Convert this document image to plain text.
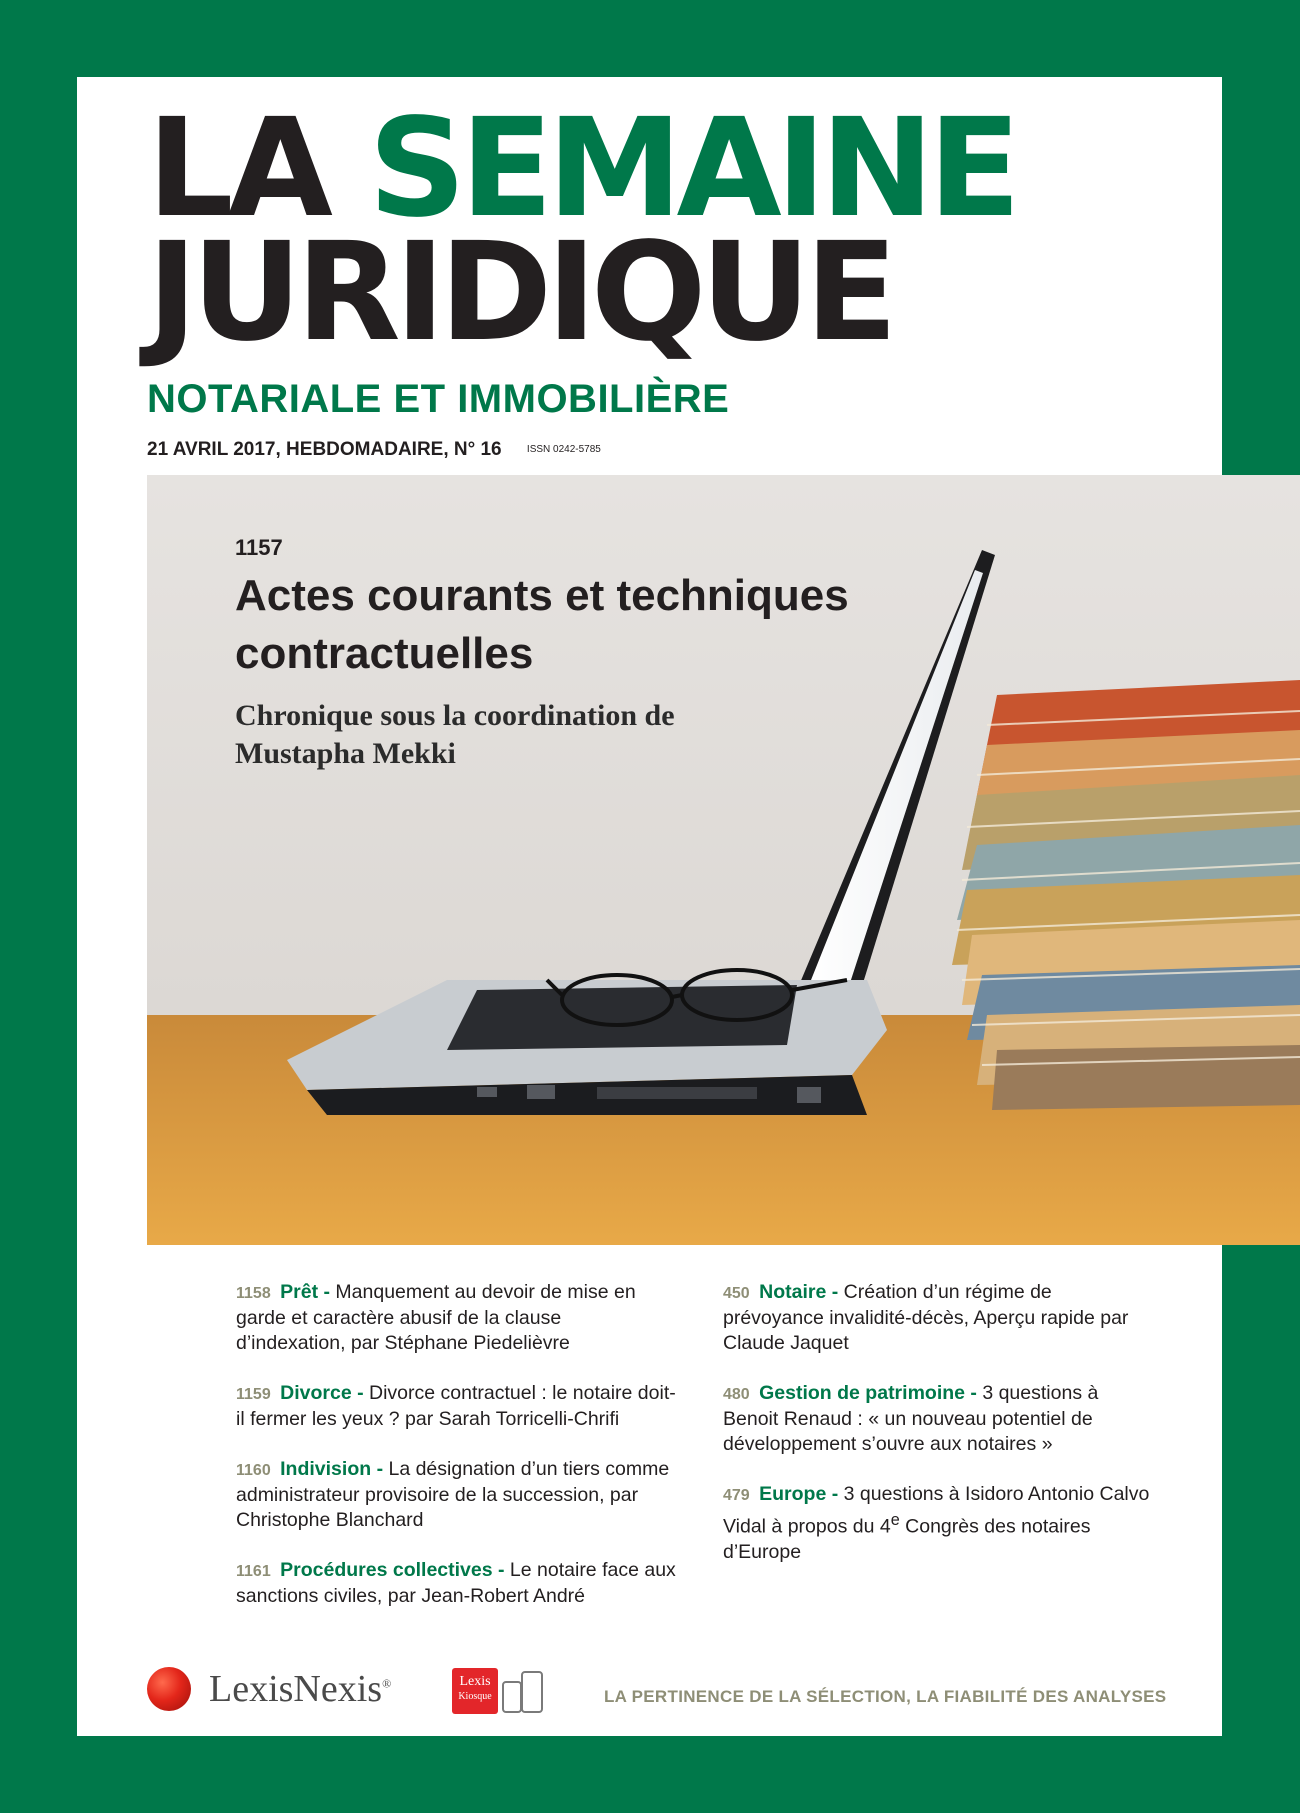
LA SEMAINE
JURIDIQUE
NOTARIALE ET IMMOBILIÈRE
21 AVRIL 2017, HEBDOMADAIRE, N° 16	ISSN 0242-5785
1157
Actes courants et techniques contractuelles
Chronique sous la coordination de Mustapha Mekki
1158 Prêt - Manquement au devoir de mise en garde et caractère abusif de la clause d’indexation, par Stéphane Piedelièvre
1159 Divorce - Divorce contractuel : le notaire doit-il fermer les yeux ? par Sarah Torricelli-Chrifi
1160 Indivision - La désignation d’un tiers comme administrateur provisoire de la succession, par Christophe Blanchard
1161 Procédures collectives - Le notaire face aux sanctions civiles, par Jean-Robert André
450 Notaire - Création d’un régime de prévoyance invalidité-décès, Aperçu rapide par Claude Jaquet
480 Gestion de patrimoine - 3 questions à Benoit Renaud : « un nouveau potentiel de développement s’ouvre aux notaires »
479 Europe - 3 questions à Isidoro Antonio Calvo Vidal à propos du 4e Congrès des notaires d’Europe
LexisNexis®	Lexis
Kiosque	LA PERTINENCE DE LA SÉLECTION, LA FIABILITÉ DES ANALYSES
